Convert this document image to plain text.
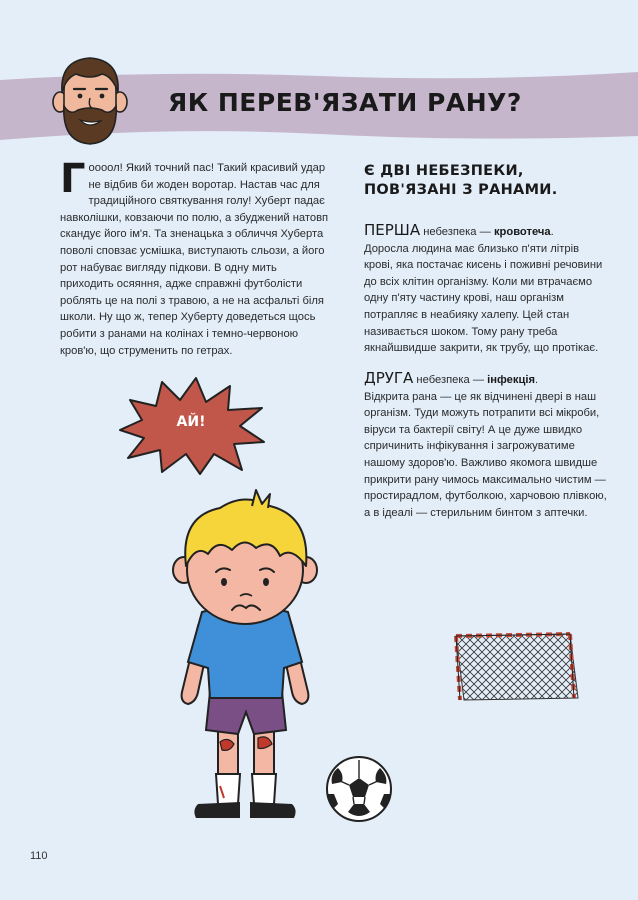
ЯК ПЕРЕВ'ЯЗАТИ РАНУ?
Гоооол! Який точний пас! Такий красивий удар не відбив би жоден воротар. Настав час для традиційного святкування голу! Хуберт падає навколішки, ковзаючи по полю, а збуджений натовп скандує його ім'я. Та зненацька з обличчя Хуберта поволі сповзає усмішка, виступають сльози, а його рот набуває вигляду підкови. В одну мить приходить осяяння, адже справжні футболісти роблять це на полі з травою, а не на асфальті біля школи. Ну що ж, тепер Хуберту доведеться щось робити з ранами на колінах і темно-червоною кров'ю, що струменить по гетрах.
Є ДВІ НЕБЕЗПЕКИ, ПОВ'ЯЗАНІ З РАНАМИ.
ПЕРША небезпека — кровотеча.
Доросла людина має близько п'яти літрів крові, яка постачає кисень і поживні речовини до всіх клітин організму. Коли ми втрачаємо одну п'яту частину крові, наш організм потрапляє в неабияку халепу. Цей стан називається шоком. Тому рану треба якнайшвидше закрити, як трубу, що протікає.
ДРУГА небезпека — інфекція.
Відкрита рана — це як відчинені двері в наш організм. Туди можуть потрапити всі мікроби, віруси та бактерії світу! А це дуже швидко спричинить інфікування і загрожуватиме нашому здоров'ю. Важливо якомога швидше прикрити рану чимось максимально чистим — простирадлом, футболкою, харчовою плівкою, а в ідеалі — стерильним бинтом з аптечки.
АЙ!
110
